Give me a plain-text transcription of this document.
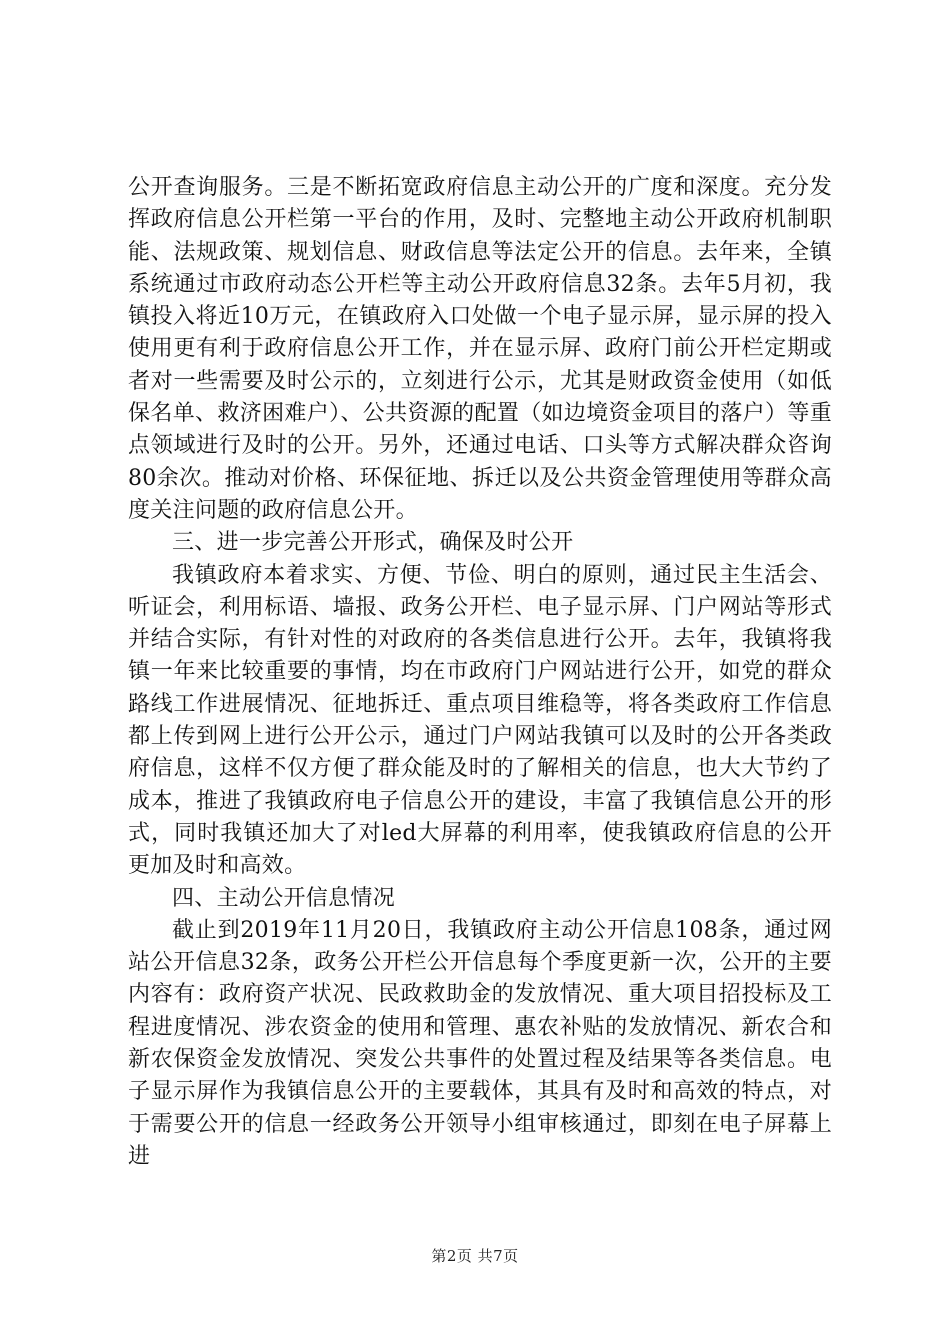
公开查询服务。三是不断拓宽政府信息主动公开的广度和深度。充分发挥政府信息公开栏第一平台的作用，及时、完整地主动公开政府机制职能、法规政策、规划信息、财政信息等法定公开的信息。去年来，全镇系统通过市政府动态公开栏等主动公开政府信息32条。去年5月初，我镇投入将近10万元，在镇政府入口处做一个电子显示屏，显示屏的投入使用更有利于政府信息公开工作，并在显示屏、政府门前公开栏定期或者对一些需要及时公示的，立刻进行公示，尤其是财政资金使用（如低保名单、救济困难户）、公共资源的配置（如边境资金项目的落户）等重点领域进行及时的公开。另外，还通过电话、口头等方式解决群众咨询80余次。推动对价格、环保征地、拆迁以及公共资金管理使用等群众高度关注问题的政府信息公开。

三、进一步完善公开形式，确保及时公开

我镇政府本着求实、方便、节俭、明白的原则，通过民主生活会、听证会，利用标语、墙报、政务公开栏、电子显示屏、门户网站等形式并结合实际，有针对性的对政府的各类信息进行公开。去年，我镇将我镇一年来比较重要的事情，均在市政府门户网站进行公开，如党的群众路线工作进展情况、征地拆迁、重点项目维稳等，将各类政府工作信息都上传到网上进行公开公示，通过门户网站我镇可以及时的公开各类政府信息，这样不仅方便了群众能及时的了解相关的信息，也大大节约了成本，推进了我镇政府电子信息公开的建设，丰富了我镇信息公开的形式，同时我镇还加大了对led大屏幕的利用率，使我镇政府信息的公开更加及时和高效。

四、主动公开信息情况

截止到2019年11月20日，我镇政府主动公开信息108条，通过网站公开信息32条，政务公开栏公开信息每个季度更新一次，公开的主要内容有：政府资产状况、民政救助金的发放情况、重大项目招投标及工程进度情况、涉农资金的使用和管理、惠农补贴的发放情况、新农合和新农保资金发放情况、突发公共事件的处置过程及结果等各类信息。电子显示屏作为我镇信息公开的主要载体，其具有及时和高效的特点，对于需要公开的信息一经政务公开领导小组审核通过，即刻在电子屏幕上进

第2页 共7页
